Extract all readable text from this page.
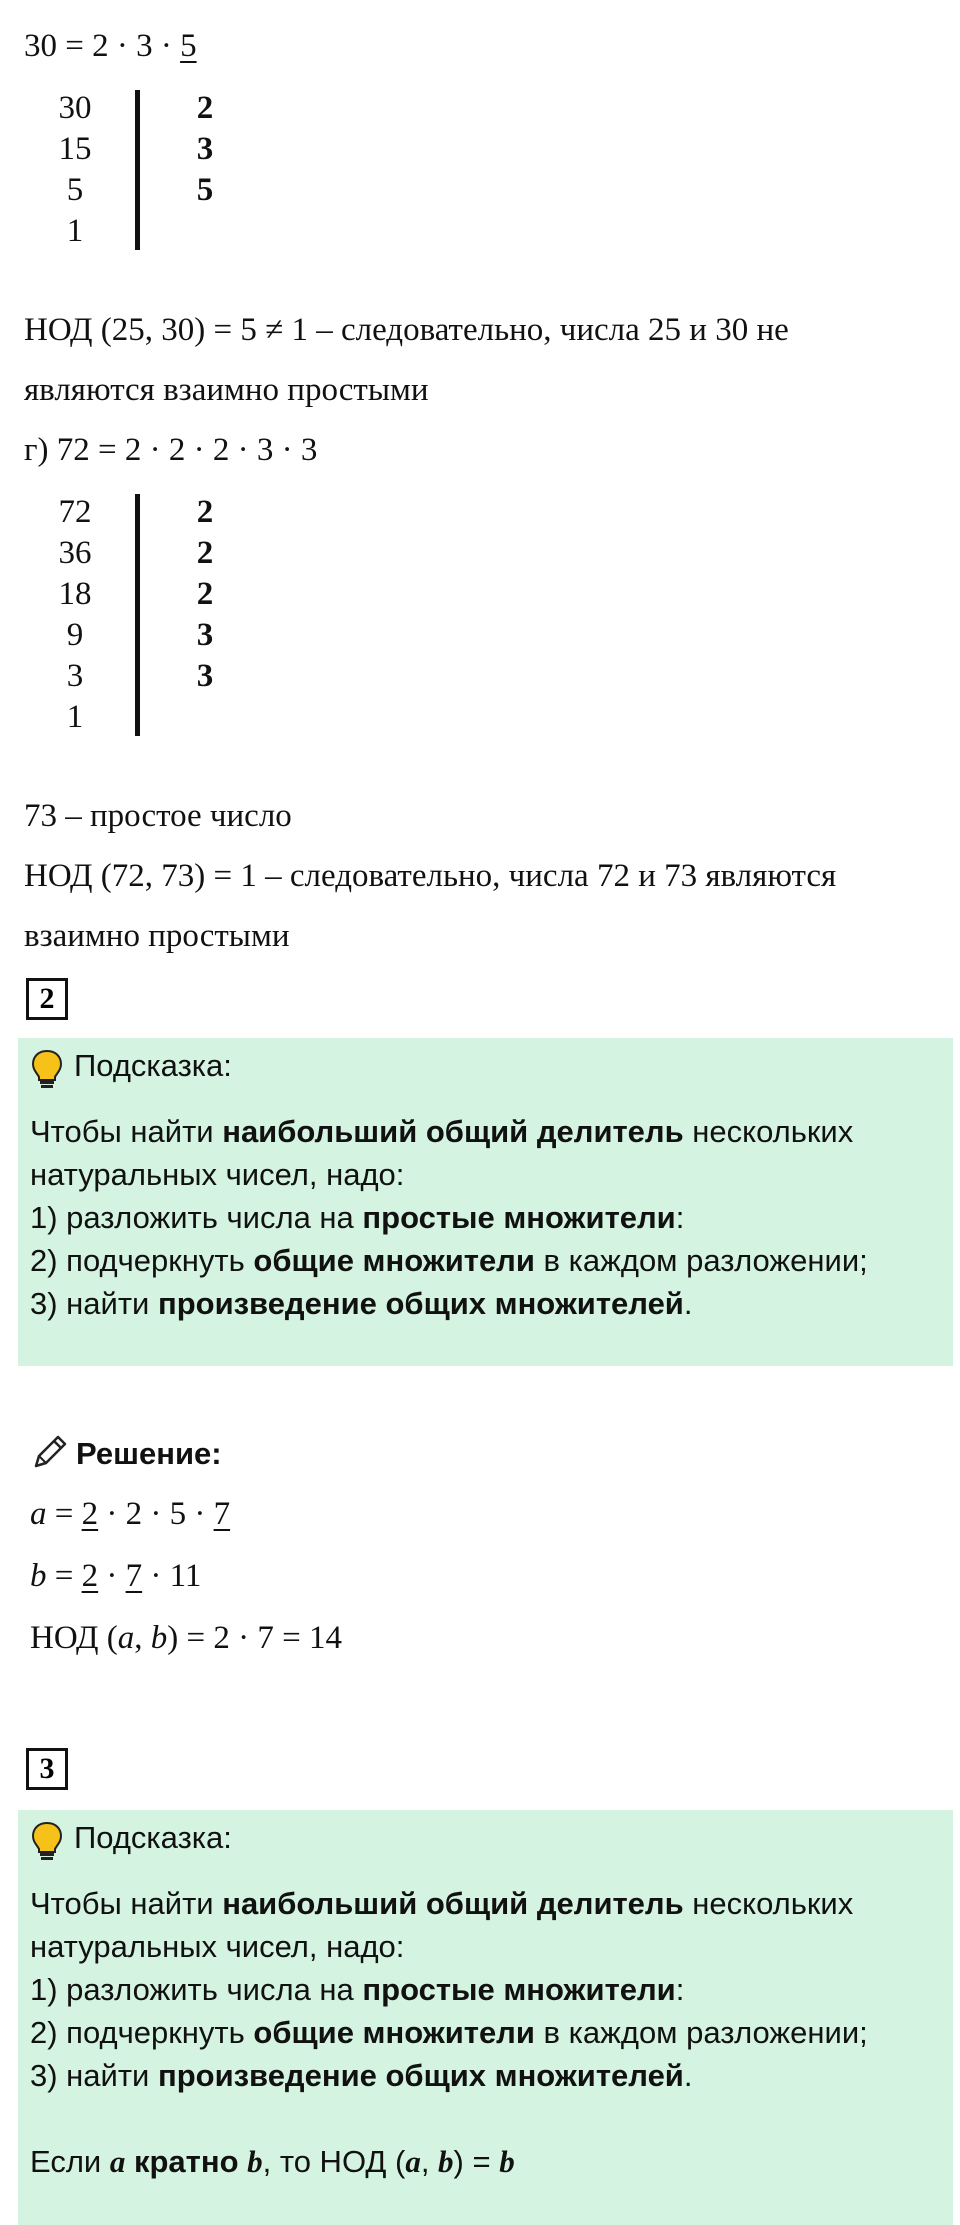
30 = 2 · 3 · 5
30	2
15	3
5	5
1
НОД (25, 30) = 5 ≠ 1 – следовательно, числа 25 и 30 не
являются взаимно простыми
г) 72 = 2 · 2 · 2 · 3 · 3
72	2
36	2
18	2
9	3
3	3
1
73 – простое число
НОД (72, 73) = 1 – следовательно, числа 72 и 73 являются
взаимно простыми
2
Подсказка:
Чтобы найти наибольший общий делитель нескольких
натуральных чисел, надо:
1) разложить числа на простые множители:
2) подчеркнуть общие множители в каждом разложении;
3) найти произведение общих множителей.
Решение:
a = 2 · 2 · 5 · 7
b = 2 · 7 · 11
НОД (a, b) = 2 · 7 = 14
3
Подсказка:
Чтобы найти наибольший общий делитель нескольких
натуральных чисел, надо:
1) разложить числа на простые множители:
2) подчеркнуть общие множители в каждом разложении;
3) найти произведение общих множителей.
Если a кратно b, то НОД (a, b) = b
